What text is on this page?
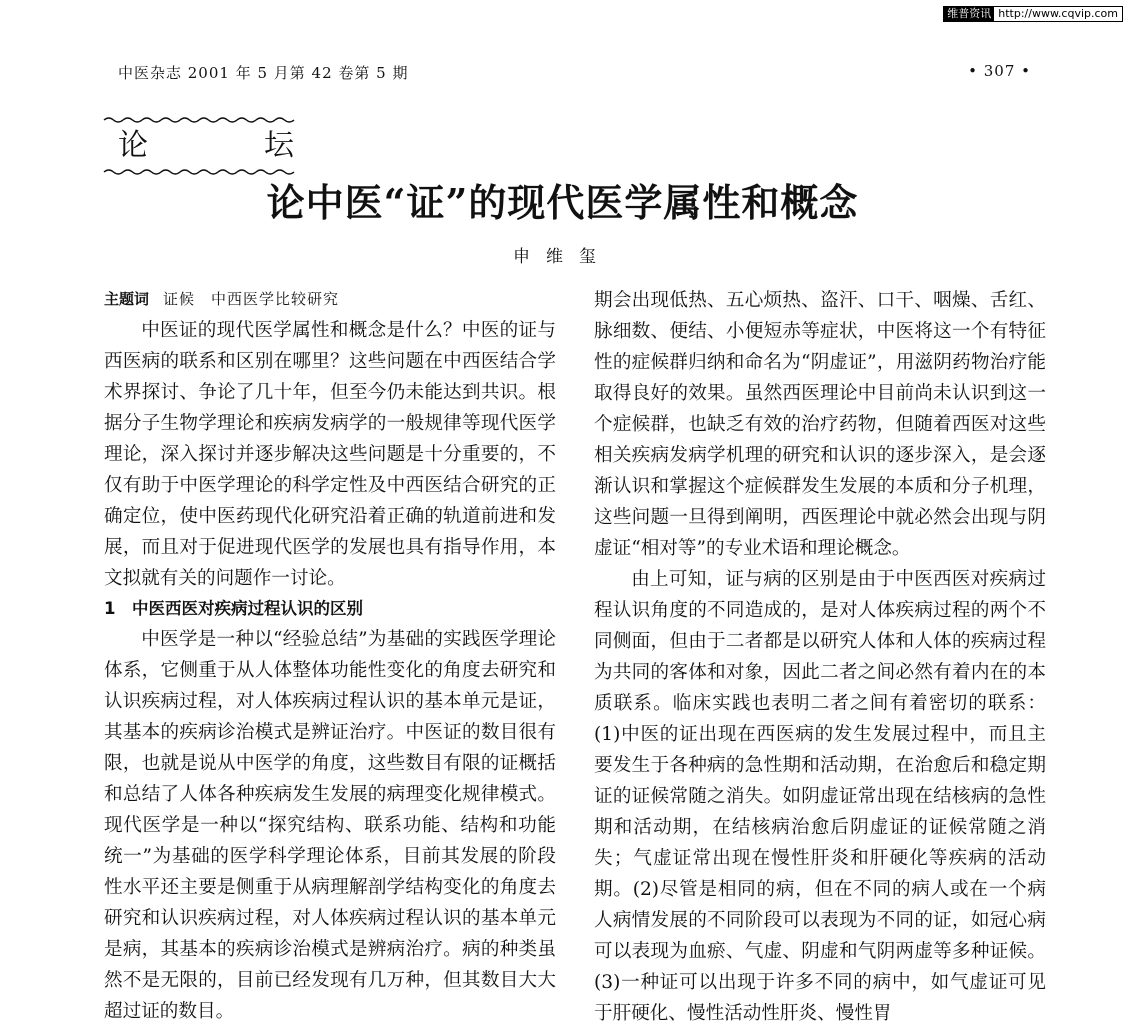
维普资讯 http://www.cqvip.com
中医杂志 2001 年 5 月第 42 卷第 5 期	• 307 •
论	坛
论中医“证”的现代医学属性和概念
申维玺
主题词 证候　中西医学比较研究

中医证的现代医学属性和概念是什么？中医的证与西医病的联系和区别在哪里？这些问题在中西医结合学术界探讨、争论了几十年，但至今仍未能达到共识。根据分子生物学理论和疾病发病学的一般规律等现代医学理论，深入探讨并逐步解决这些问题是十分重要的，不仅有助于中医学理论的科学定性及中西医结合研究的正确定位，使中医药现代化研究沿着正确的轨道前进和发展，而且对于促进现代医学的发展也具有指导作用，本文拟就有关的问题作一讨论。

1 中医西医对疾病过程认识的区别

中医学是一种以“经验总结”为基础的实践医学理论体系，它侧重于从人体整体功能性变化的角度去研究和认识疾病过程，对人体疾病过程认识的基本单元是证，其基本的疾病诊治模式是辨证治疗。中医证的数目很有限，也就是说从中医学的角度，这些数目有限的证概括和总结了人体各种疾病发生发展的病理变化规律模式。现代医学是一种以“探究结构、联系功能、结构和功能统一”为基础的医学科学理论体系，目前其发展的阶段性水平还主要是侧重于从病理解剖学结构变化的角度去研究和认识疾病过程，对人体疾病过程认识的基本单元是病，其基本的疾病诊治模式是辨病治疗。病的种类虽然不是无限的，目前已经发现有几万种，但其数目大大超过证的数目。

期会出现低热、五心烦热、盗汗、口干、咽燥、舌红、脉细数、便结、小便短赤等症状，中医将这一个有特征性的症候群归纳和命名为“阴虚证”，用滋阴药物治疗能取得良好的效果。虽然西医理论中目前尚未认识到这一个症候群，也缺乏有效的治疗药物，但随着西医对这些相关疾病发病学机理的研究和认识的逐步深入，是会逐渐认识和掌握这个症候群发生发展的本质和分子机理，这些问题一旦得到阐明，西医理论中就必然会出现与阴虚证“相对等”的专业术语和理论概念。

由上可知，证与病的区别是由于中医西医对疾病过程认识角度的不同造成的，是对人体疾病过程的两个不同侧面，但由于二者都是以研究人体和人体的疾病过程为共同的客体和对象，因此二者之间必然有着内在的本质联系。临床实践也表明二者之间有着密切的联系：(1)中医的证出现在西医病的发生发展过程中，而且主要发生于各种病的急性期和活动期，在治愈后和稳定期证的证候常随之消失。如阴虚证常出现在结核病的急性期和活动期，在结核病治愈后阴虚证的证候常随之消失；气虚证常出现在慢性肝炎和肝硬化等疾病的活动期。(2)尽管是相同的病，但在不同的病人或在一个病人病情发展的不同阶段可以表现为不同的证，如冠心病可以表现为血瘀、气虚、阴虚和气阴两虚等多种证候。(3)一种证可以出现于许多不同的病中，如气虚证可见于肝硬化、慢性活动性肝炎、慢性胃
